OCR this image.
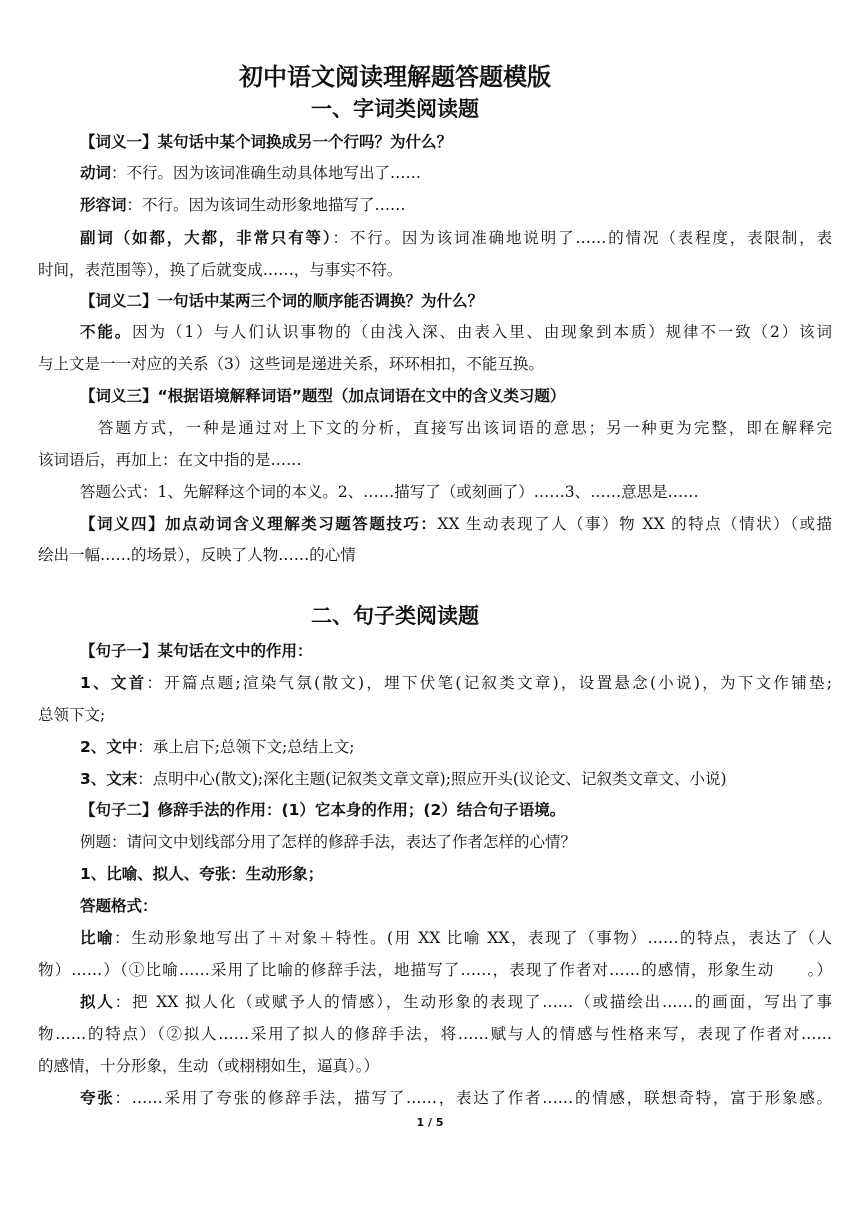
初中语文阅读理解题答题模版
一、字词类阅读题
【词义一】某句话中某个词换成另一个行吗？为什么？
动词：不行。因为该词准确生动具体地写出了……
形容词：不行。因为该词生动形象地描写了……
副词（如都，大都，非常只有等）：不行。因为该词准确地说明了……的情况（表程度，表限制，表
时间，表范围等），换了后就变成……，与事实不符。
【词义二】一句话中某两三个词的顺序能否调换？为什么？
不能。因为（1）与人们认识事物的（由浅入深、由表入里、由现象到本质）规律不一致（2）该词
与上文是一一对应的关系（3）这些词是递进关系，环环相扣，不能互换。
【词义三】“根据语境解释词语”题型（加点词语在文中的含义类习题）
答题方式，一种是通过对上下文的分析，直接写出该词语的意思；另一种更为完整，即在解释完
该词语后，再加上：在文中指的是……
答题公式：1、先解释这个词的本义。2、……描写了（或刻画了）……3、……意思是……
【词义四】加点动词含义理解类习题答题技巧：XX 生动表现了人（事）物 XX 的特点（情状）（或描
绘出一幅……的场景），反映了人物……的心情
二、句子类阅读题
【句子一】某句话在文中的作用：
1、文首：开篇点题;渲染气氛(散文)，埋下伏笔(记叙类文章)，设置悬念(小说)，为下文作铺垫;
总领下文;
2、文中：承上启下;总领下文;总结上文;
3、文末：点明中心(散文);深化主题(记叙类文章文章);照应开头(议论文、记叙类文章文、小说)
【句子二】修辞手法的作用：(1）它本身的作用；(2）结合句子语境。
例题：请问文中划线部分用了怎样的修辞手法，表达了作者怎样的心情？
1、比喻、拟人、夸张：生动形象；
答题格式：
比喻：生动形象地写出了＋对象＋特性。(用 XX 比喻 XX，表现了（事物）……的特点，表达了（人
物）……）（①比喻……采用了比喻的修辞手法，地描写了……，表现了作者对……的感情，形象生动　　。）
拟人：把 XX 拟人化（或赋予人的情感），生动形象的表现了……（或描绘出……的画面，写出了事
物……的特点）（②拟人……采用了拟人的修辞手法，将……赋与人的情感与性格来写，表现了作者对……
的感情，十分形象，生动（或栩栩如生，逼真）。）
夸张：……采用了夸张的修辞手法，描写了……，表达了作者……的情感，联想奇特，富于形象感。
1 / 5
